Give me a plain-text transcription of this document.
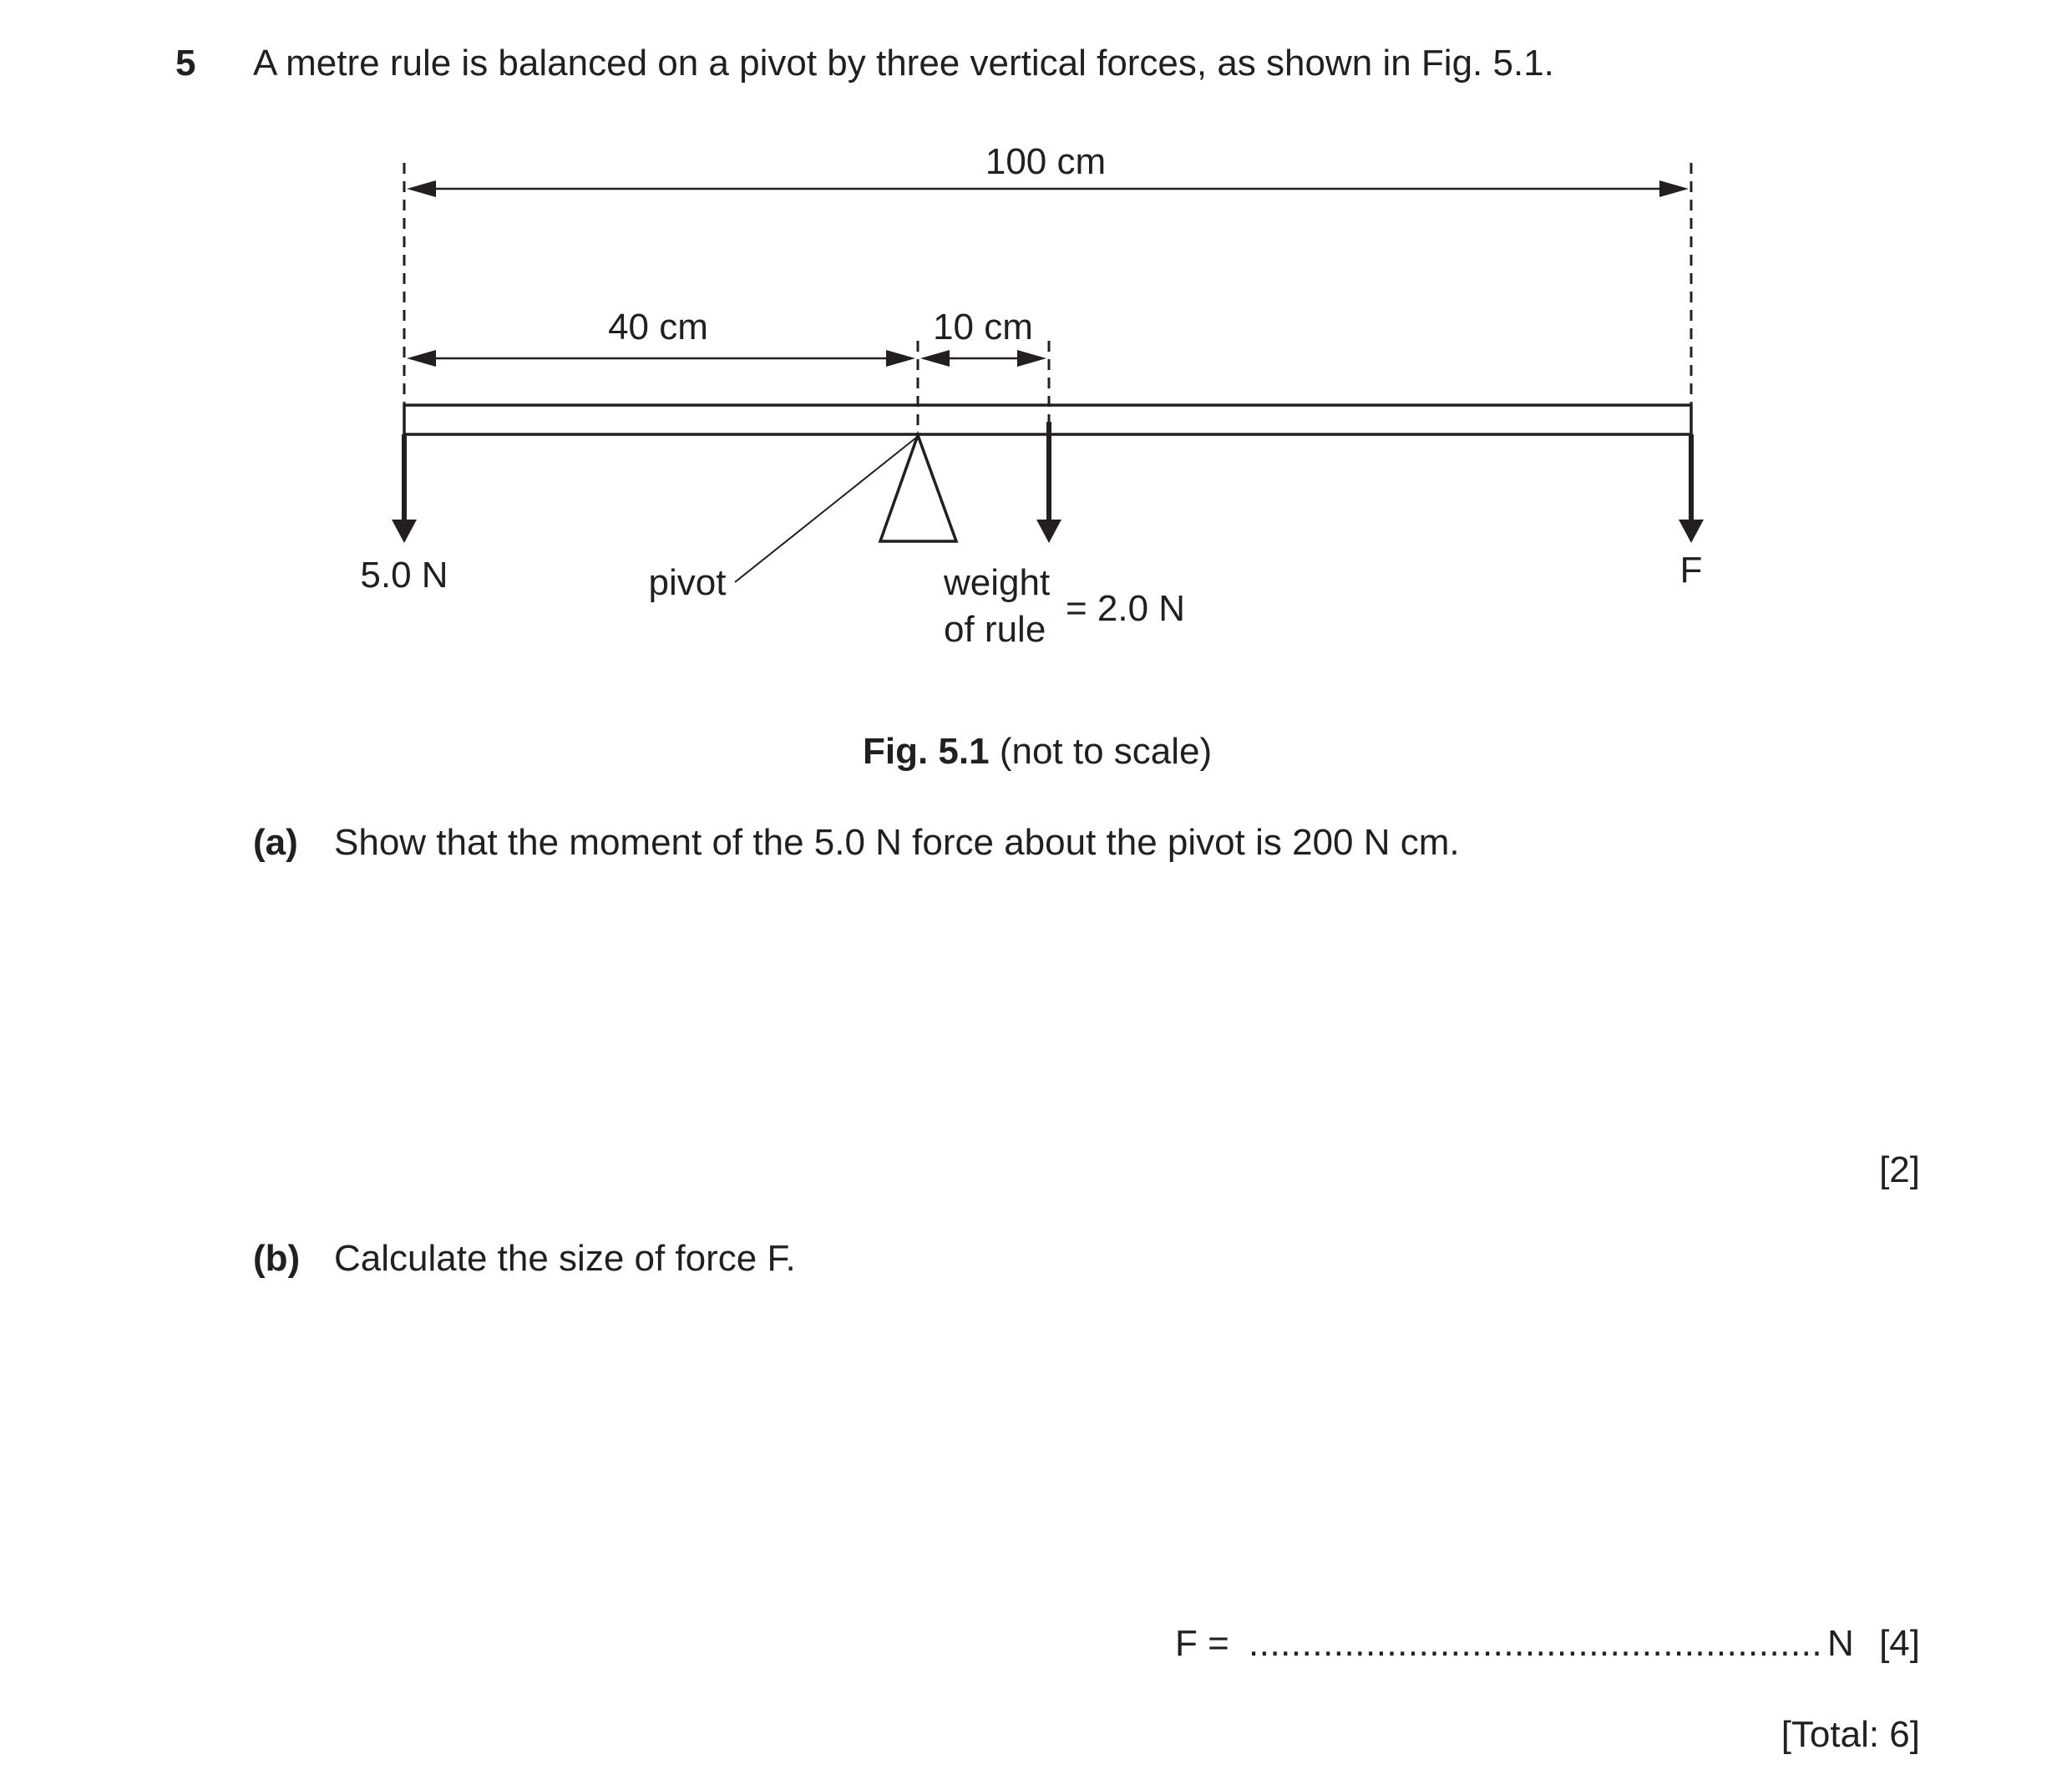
5 A metre rule is balanced on a pivot by three vertical forces, as shown in Fig. 5.1.
100 cm
40 cm	10 cm
5.0 N	pivot	weight
of rule
= 2.0 N
F
Fig. 5.1 (not to scale)
(a) Show that the moment of the 5.0 N force about the pivot is 200 N cm.
[2]
(b) Calculate the size of force F.
F = ...................................................... N [4]
[Total: 6]
